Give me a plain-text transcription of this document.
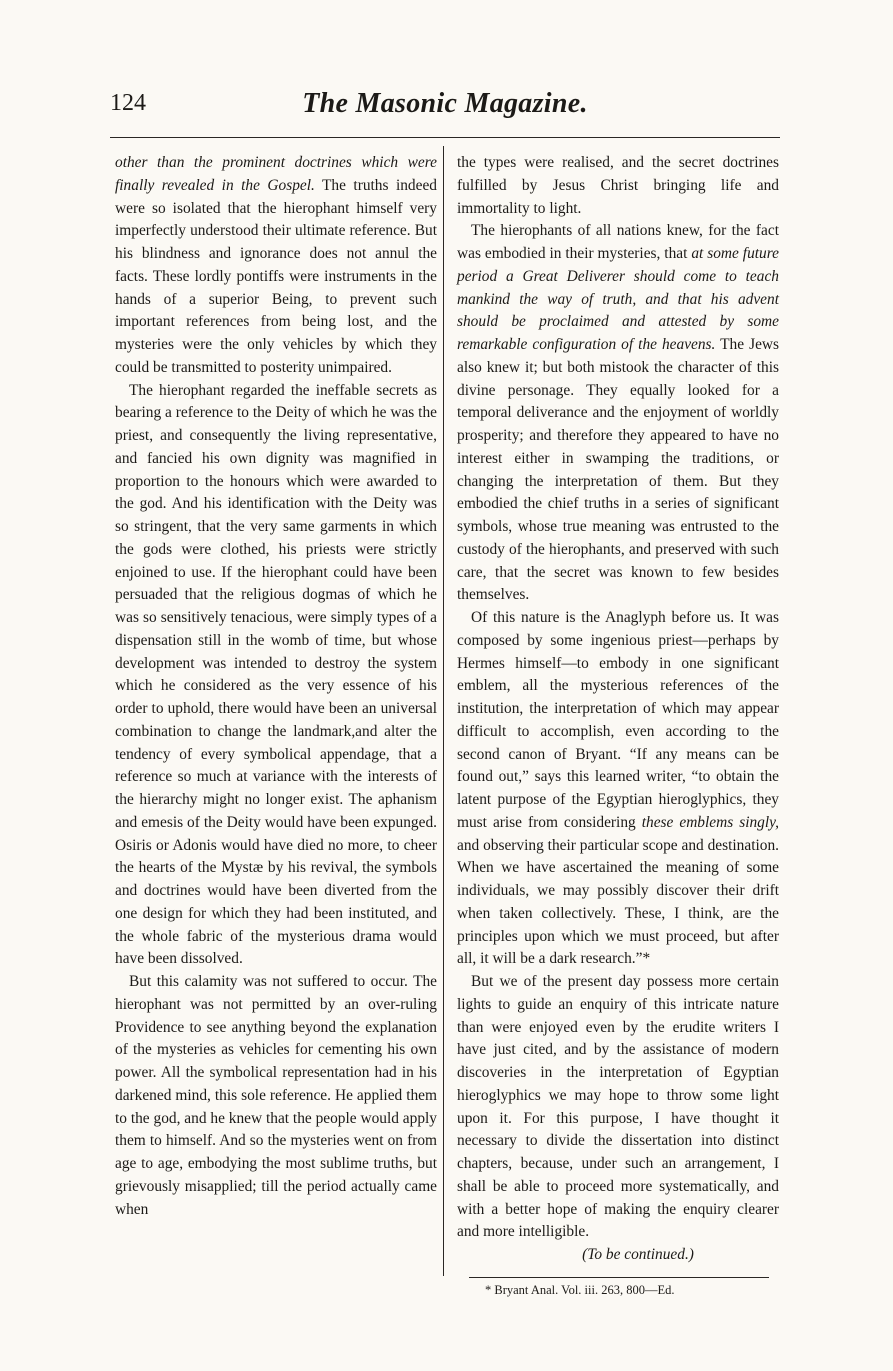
124	The Masonic Magazine.

other than the prominent doctrines which were finally revealed in the Gospel. The truths indeed were so isolated that the hierophant himself very imperfectly understood their ultimate reference. But his blindness and ignorance does not annul the facts. These lordly pontiffs were instruments in the hands of a superior Being, to prevent such important references from being lost, and the mysteries were the only vehicles by which they could be transmitted to posterity unimpaired.

The hierophant regarded the ineffable secrets as bearing a reference to the Deity of which he was the priest, and consequently the living representative, and fancied his own dignity was magnified in proportion to the honours which were awarded to the god. And his identification with the Deity was so stringent, that the very same garments in which the gods were clothed, his priests were strictly enjoined to use. If the hierophant could have been persuaded that the religious dogmas of which he was so sensitively tenacious, were simply types of a dispensation still in the womb of time, but whose development was intended to destroy the system which he considered as the very essence of his order to uphold, there would have been an universal combination to change the landmark,and alter the tendency of every symbolical appendage, that a reference so much at variance with the interests of the hierarchy might no longer exist. The aphanism and emesis of the Deity would have been expunged. Osiris or Adonis would have died no more, to cheer the hearts of the Mystæ by his revival, the symbols and doctrines would have been diverted from the one design for which they had been instituted, and the whole fabric of the mysterious drama would have been dissolved.

But this calamity was not suffered to occur. The hierophant was not permitted by an over-ruling Providence to see anything beyond the explanation of the mysteries as vehicles for cementing his own power. All the symbolical representation had in his darkened mind, this sole reference. He applied them to the god, and he knew that the people would apply them to himself. And so the mysteries went on from age to age, embodying the most sublime truths, but grievously misapplied; till the period actually came when

the types were realised, and the secret doctrines fulfilled by Jesus Christ bringing life and immortality to light.

The hierophants of all nations knew, for the fact was embodied in their mysteries, that at some future period a Great Deliverer should come to teach mankind the way of truth, and that his advent should be proclaimed and attested by some remarkable configuration of the heavens. The Jews also knew it; but both mistook the character of this divine personage. They equally looked for a temporal deliverance and the enjoyment of worldly prosperity; and therefore they appeared to have no interest either in swamping the traditions, or changing the interpretation of them. But they embodied the chief truths in a series of significant symbols, whose true meaning was entrusted to the custody of the hierophants, and preserved with such care, that the secret was known to few besides themselves.

Of this nature is the Anaglyph before us. It was composed by some ingenious priest—perhaps by Hermes himself—to embody in one significant emblem, all the mysterious references of the institution, the interpretation of which may appear difficult to accomplish, even according to the second canon of Bryant. “If any means can be found out,” says this learned writer, “to obtain the latent purpose of the Egyptian hieroglyphics, they must arise from considering these emblems singly, and observing their particular scope and destination. When we have ascertained the meaning of some individuals, we may possibly discover their drift when taken collectively. These, I think, are the principles upon which we must proceed, but after all, it will be a dark research.”*

But we of the present day possess more certain lights to guide an enquiry of this intricate nature than were enjoyed even by the erudite writers I have just cited, and by the assistance of modern discoveries in the interpretation of Egyptian hieroglyphics we may hope to throw some light upon it. For this purpose, I have thought it necessary to divide the dissertation into distinct chapters, because, under such an arrangement, I shall be able to proceed more systematically, and with a better hope of making the enquiry clearer and more intelligible.

(To be continued.)

* Bryant Anal. Vol. iii. 263, 800—Ed.
